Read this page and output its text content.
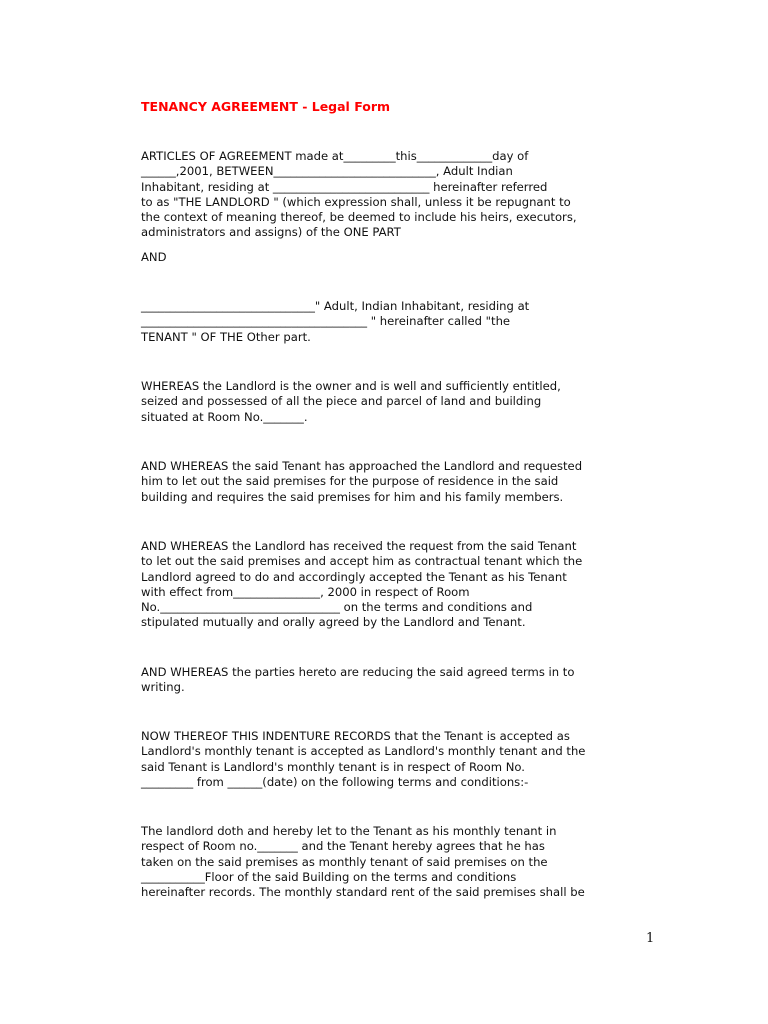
TENANCY AGREEMENT - Legal Form
ARTICLES OF AGREEMENT made at_________this_____________day of
______,2001, BETWEEN____________________________, Adult Indian
Inhabitant, residing at ___________________________ hereinafter referred
to as "THE LANDLORD " (which expression shall, unless it be repugnant to
the context of meaning thereof, be deemed to include his heirs, executors,
administrators and assigns) of the ONE PART
AND
______________________________" Adult, Indian Inhabitant, residing at
_______________________________________ " hereinafter called "the
TENANT " OF THE Other part.
WHEREAS the Landlord is the owner and is well and sufficiently entitled,
seized and possessed of all the piece and parcel of land and building
situated at Room No._______.
AND WHEREAS the said Tenant has approached the Landlord and requested
him to let out the said premises for the purpose of residence in the said
building and requires the said premises for him and his family members.
AND WHEREAS the Landlord has received the request from the said Tenant
to let out the said premises and accept him as contractual tenant which the
Landlord agreed to do and accordingly accepted the Tenant as his Tenant
with effect from_______________, 2000 in respect of Room
No._______________________________ on the terms and conditions and
stipulated mutually and orally agreed by the Landlord and Tenant.
AND WHEREAS the parties hereto are reducing the said agreed terms in to
writing.
NOW THEREOF THIS INDENTURE RECORDS that the Tenant is accepted as
Landlord's monthly tenant is accepted as Landlord's monthly tenant and the
said Tenant is Landlord's monthly tenant is in respect of Room No.
_________ from ______(date) on the following terms and conditions:-
The landlord doth and hereby let to the Tenant as his monthly tenant in
respect of Room no._______ and the Tenant hereby agrees that he has
taken on the said premises as monthly tenant of said premises on the
___________Floor of the said Building on the terms and conditions
hereinafter records. The monthly standard rent of the said premises shall be
1
